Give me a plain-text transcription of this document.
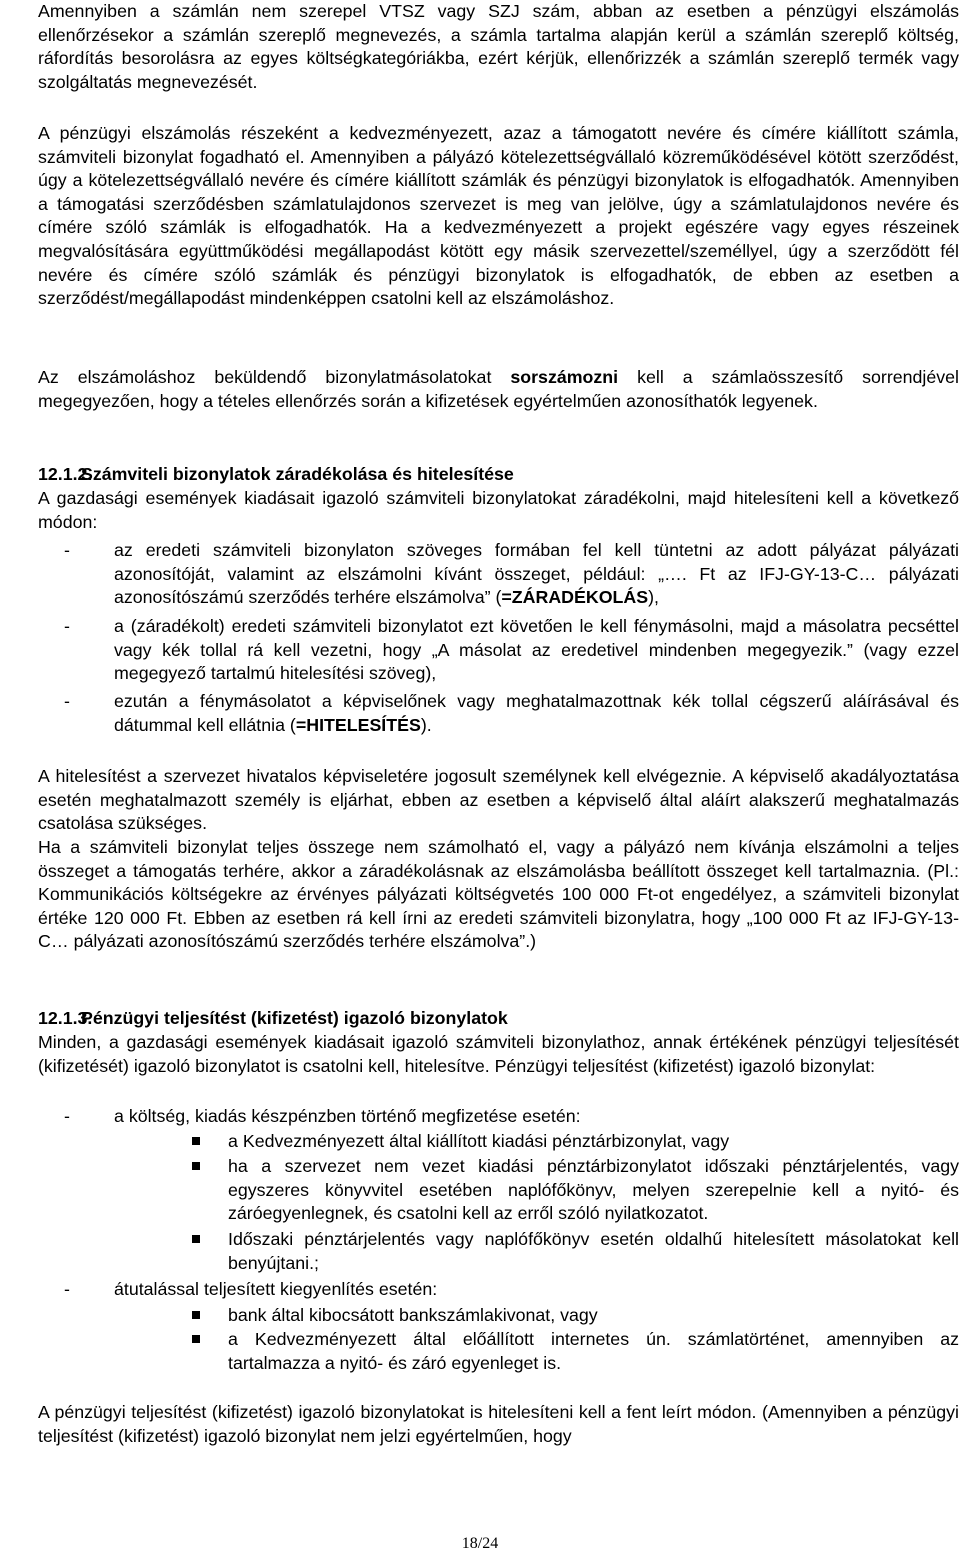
Amennyiben a számlán nem szerepel VTSZ vagy SZJ szám, abban az esetben a pénzügyi elszámolás ellenőrzésekor a számlán szereplő megnevezés, a számla tartalma alapján kerül a számlán szereplő költség, ráfordítás besorolásra az egyes költségkategóriákba, ezért kérjük, ellenőrizzék a számlán szereplő termék vagy szolgáltatás megnevezését.

A pénzügyi elszámolás részeként a kedvezményezett, azaz a támogatott nevére és címére kiállított számla, számviteli bizonylat fogadható el. Amennyiben a pályázó kötelezettségvállaló közreműködésével kötött szerződést, úgy a kötelezettségvállaló nevére és címére kiállított számlák és pénzügyi bizonylatok is elfogadhatók. Amennyiben a támogatási szerződésben számlatulajdonos szervezet is meg van jelölve, úgy a számlatulajdonos nevére és címére szóló számlák is elfogadhatók. Ha a kedvezményezett a projekt egészére vagy egyes részeinek megvalósítására együttműködési megállapodást kötött egy másik szervezettel/személlyel, úgy a szerződött fél nevére és címére szóló számlák és pénzügyi bizonylatok is elfogadhatók, de ebben az esetben a szerződést/megállapodást mindenképpen csatolni kell az elszámoláshoz.

Az elszámoláshoz beküldendő bizonylatmásolatokat sorszámozni kell a számlaösszesítő sorrendjével megegyezően, hogy a tételes ellenőrzés során a kifizetések egyértelműen azonosíthatók legyenek.

12.1.2. Számviteli bizonylatok záradékolása és hitelesítése

A gazdasági események kiadásait igazoló számviteli bizonylatokat záradékolni, majd hitelesíteni kell a következő módon:

- az eredeti számviteli bizonylaton szöveges formában fel kell tüntetni az adott pályázat pályázati azonosítóját, valamint az elszámolni kívánt összeget, például: „…. Ft az IFJ-GY-13-C… pályázati azonosítószámú szerződés terhére elszámolva” (=ZÁRADÉKOLÁS),

- a (záradékolt) eredeti számviteli bizonylatot ezt követően le kell fénymásolni, majd a másolatra pecséttel vagy kék tollal rá kell vezetni, hogy „A másolat az eredetivel mindenben megegyezik.” (vagy ezzel megegyező tartalmú hitelesítési szöveg),

- ezután a fénymásolatot a képviselőnek vagy meghatalmazottnak kék tollal cégszerű aláírásával és dátummal kell ellátnia (=HITELESÍTÉS).

A hitelesítést a szervezet hivatalos képviseletére jogosult személynek kell elvégeznie. A képviselő akadályoztatása esetén meghatalmazott személy is eljárhat, ebben az esetben a képviselő által aláírt alakszerű meghatalmazás csatolása szükséges.

Ha a számviteli bizonylat teljes összege nem számolható el, vagy a pályázó nem kívánja elszámolni a teljes összeget a támogatás terhére, akkor a záradékolásnak az elszámolásba beállított összeget kell tartalmaznia. (Pl.: Kommunikációs költségekre az érvényes pályázati költségvetés 100 000 Ft-ot engedélyez, a számviteli bizonylat értéke 120 000 Ft. Ebben az esetben rá kell írni az eredeti számviteli bizonylatra, hogy „100 000 Ft az IFJ-GY-13-C… pályázati azonosítószámú szerződés terhére elszámolva”.)

12.1.3. Pénzügyi teljesítést (kifizetést) igazoló bizonylatok

Minden, a gazdasági események kiadásait igazoló számviteli bizonylathoz, annak értékének pénzügyi teljesítését (kifizetését) igazoló bizonylatot is csatolni kell, hitelesítve. Pénzügyi teljesítést (kifizetést) igazoló bizonylat:

- a költség, kiadás készpénzben történő megfizetése esetén:

a Kedvezményezett által kiállított kiadási pénztárbizonylat, vagy

ha a szervezet nem vezet kiadási pénztárbizonylatot időszaki pénztárjelentés, vagy egyszeres könyvvitel esetében naplófőkönyv, melyen szerepelnie kell a nyitó- és záróegyenlegnek, és csatolni kell az erről szóló nyilatkozatot.

Időszaki pénztárjelentés vagy naplófőkönyv esetén oldalhű hitelesített másolatokat kell benyújtani.;

- átutalással teljesített kiegyenlítés esetén:

bank által kibocsátott bankszámlakivonat, vagy

a Kedvezményezett által előállított internetes ún. számlatörténet, amennyiben az tartalmazza a nyitó- és záró egyenleget is.

A pénzügyi teljesítést (kifizetést) igazoló bizonylatokat is hitelesíteni kell a fent leírt módon. (Amennyiben a pénzügyi teljesítést (kifizetést) igazoló bizonylat nem jelzi egyértelműen, hogy

18/24
